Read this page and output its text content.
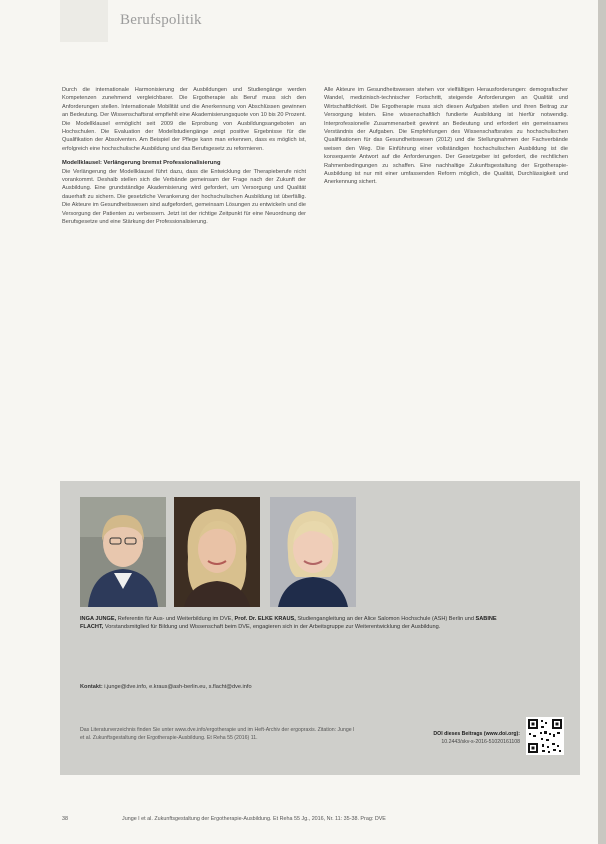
Berufspolitik

Durch die internationale Harmonisierung der Ausbildungen und Studiengänge werden Kompetenzen zunehmend vergleichbarer. Die Ergotherapie als Beruf muss sich den Anforderungen stellen. Internationale Mobilität und die Anerkennung von Abschlüssen gewinnen an Bedeutung. Der Wissenschaftsrat empfiehlt eine Akademisierungsquote von 10 bis 20 Prozent. Die Modellklausel ermöglicht seit 2009 die Erprobung von Ausbildungsangeboten an Hochschulen. Die Evaluation der Modellstudiengänge zeigt positive Ergebnisse für die Qualifikation der Absolventen. Am Beispiel der Pflege kann man erkennen, dass es möglich ist, erfolgreich eine hochschulische Ausbildung und das Berufsgesetz zu reformieren.

Modellklausel: Verlängerung bremst Professionalisierung

Die Verlängerung der Modellklausel führt dazu, dass die Entwicklung der Therapieberufe nicht vorankommt. Deshalb stellen sich die Verbände gemeinsam der Frage nach der Zukunft der Ausbildung. Eine grundständige Akademisierung wird gefordert, um Versorgung und Qualität dauerhaft zu sichern. Die gesetzliche Verankerung der hochschulischen Ausbildung ist überfällig. Die Akteure im Gesundheitswesen sind aufgefordert, gemeinsam Lösungen zu entwickeln und die Versorgung der Patienten zu verbessern. Jetzt ist der richtige Zeitpunkt für eine Neuordnung der Berufsgesetze und eine Stärkung der Professionalisierung.

Alle Akteure im Gesundheitswesen stehen vor vielfältigen Herausforderungen: demografischer Wandel, medizinisch-technischer Fortschritt, steigende Anforderungen an Qualität und Wirtschaftlichkeit. Die Ergotherapie muss sich diesen Aufgaben stellen und ihren Beitrag zur Versorgung leisten. Eine wissenschaftlich fundierte Ausbildung ist hierfür notwendig. Interprofessionelle Zusammenarbeit gewinnt an Bedeutung und erfordert ein gemeinsames Verständnis der Aufgaben. Die Empfehlungen des Wissenschaftsrates zu hochschulischen Qualifikationen für das Gesundheitswesen (2012) und die Stellungnahmen der Fachverbände weisen den Weg. Die Einführung einer vollständigen hochschulischen Ausbildung ist die konsequente Antwort auf die Anforderungen. Der Gesetzgeber ist gefordert, die rechtlichen Rahmenbedingungen zu schaffen. Eine nachhaltige Zukunftsgestaltung der Ergotherapie-Ausbildung ist nur mit einer umfassenden Reform möglich, die Qualität, Durchlässigkeit und Anerkennung sichert.

INGA JUNGE, Referentin für Aus- und Weiterbildung im DVE, Prof. Dr. ELKE KRAUS, Studiengangleitung an der Alice Salomon Hochschule (ASH) Berlin und SABINE FLACHT, Vorstandsmitglied für Bildung und Wissenschaft beim DVE, engagieren sich in der Arbeitsgruppe zur Weiterentwicklung der Ausbildung.
Kontakt: i.junge@dve.info, e.kraus@ash-berlin.eu, s.flacht@dve.info
Das Literaturverzeichnis finden Sie unter www.dve.info/ergotherapie und im Heft-Archiv der ergopraxis. Zitation: Junge I et al. Zukunftsgestaltung der Ergotherapie-Ausbildung. Et Reha 55 (2016) 11.
DOI dieses Beitrags (www.doi.org):
10.2443/skv-s-2016-51020161108
38	Junge I et al. Zukunftsgestaltung der Ergotherapie-Ausbildung. Et Reha 55 Jg., 2016, Nr. 11: 35-38. Prag: DVE
